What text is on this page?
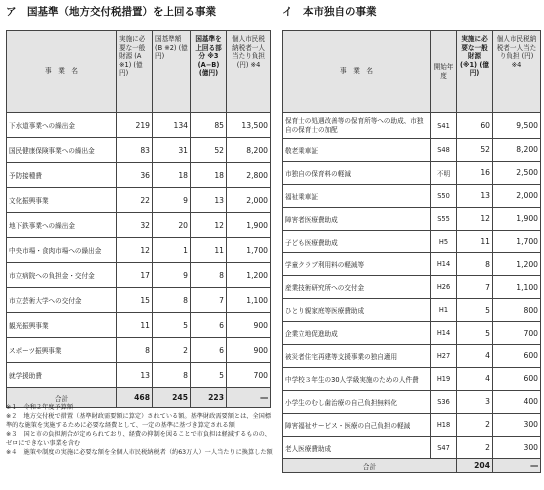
ア　国基準（地方交付税措置）を上回る事業	イ　本市独自の事業
事　業　名	実施に必要な一般財源 (A ※1) (億円)	国基準額 (B ※2) (億円)	国基準を上回る部分 ※3 (A−B) (億円)	個人市民税納税者一人当たり負担 (円) ※4
下水道事業への繰出金	219	134	85	13,500
国民健康保険事業への繰出金	83	31	52	8,200
予防接種費	36	18	18	2,800
文化振興事業	22	9	13	2,000
地下鉄事業への繰出金	32	20	12	1,900
中央市場・食肉市場への繰出金	12	1	11	1,700
市立病院への負担金・交付金	17	9	8	1,200
市立芸術大学への交付金	15	8	7	1,100
観光振興事業	11	5	6	900
スポーツ振興事業	8	2	6	900
就学援助費	13	8	5	700
合計	468	245	223	―
事　業　名	開始年度	実施に必要な一般財源 (※1) (億円)	個人市民税納税者一人当たり負担 (円) ※4
保育士の処遇改善等の保育所等への助成、市独自の保育士の加配	S41	60	9,500
敬老乗車証	S48	52	8,200
市独自の保育料の軽減	不明	16	2,500
福祉乗車証	S50	13	2,000
障害者医療費助成	S55	12	1,900
子ども医療費助成	H5	11	1,700
学童クラブ利用料の軽減等	H14	8	1,200
産業技術研究所への交付金	H26	7	1,100
ひとり親家庭等医療費助成	H1	5	800
企業立地促進助成	H14	5	700
被災者住宅再建等支援事業の独自適用	H27	4	600
中学校３年生の30人学級実施のための人件費	H19	4	600
小学生のむし歯治療の自己負担無料化	S36	3	400
障害福祉サービス・医療の自己負担の軽減	H18	2	300
老人医療費助成	S47	2	300
合計		204	―
※１　令和２年度予算額
※２　地方交付税で措置（基準財政需要額に算定）されている額。基準財政需要額とは、全国標準的な施策を実施するために必要な経費として、一定の基準に基づき算定される額
※３　国と市の負担割合が定められており、経費の抑制を図ることで市負担は軽減するものの、ゼロにできない事業を含む
※４　施策や制度の実施に必要な額を全個人市民税納税者（約63万人）一人当たりに換算した額
